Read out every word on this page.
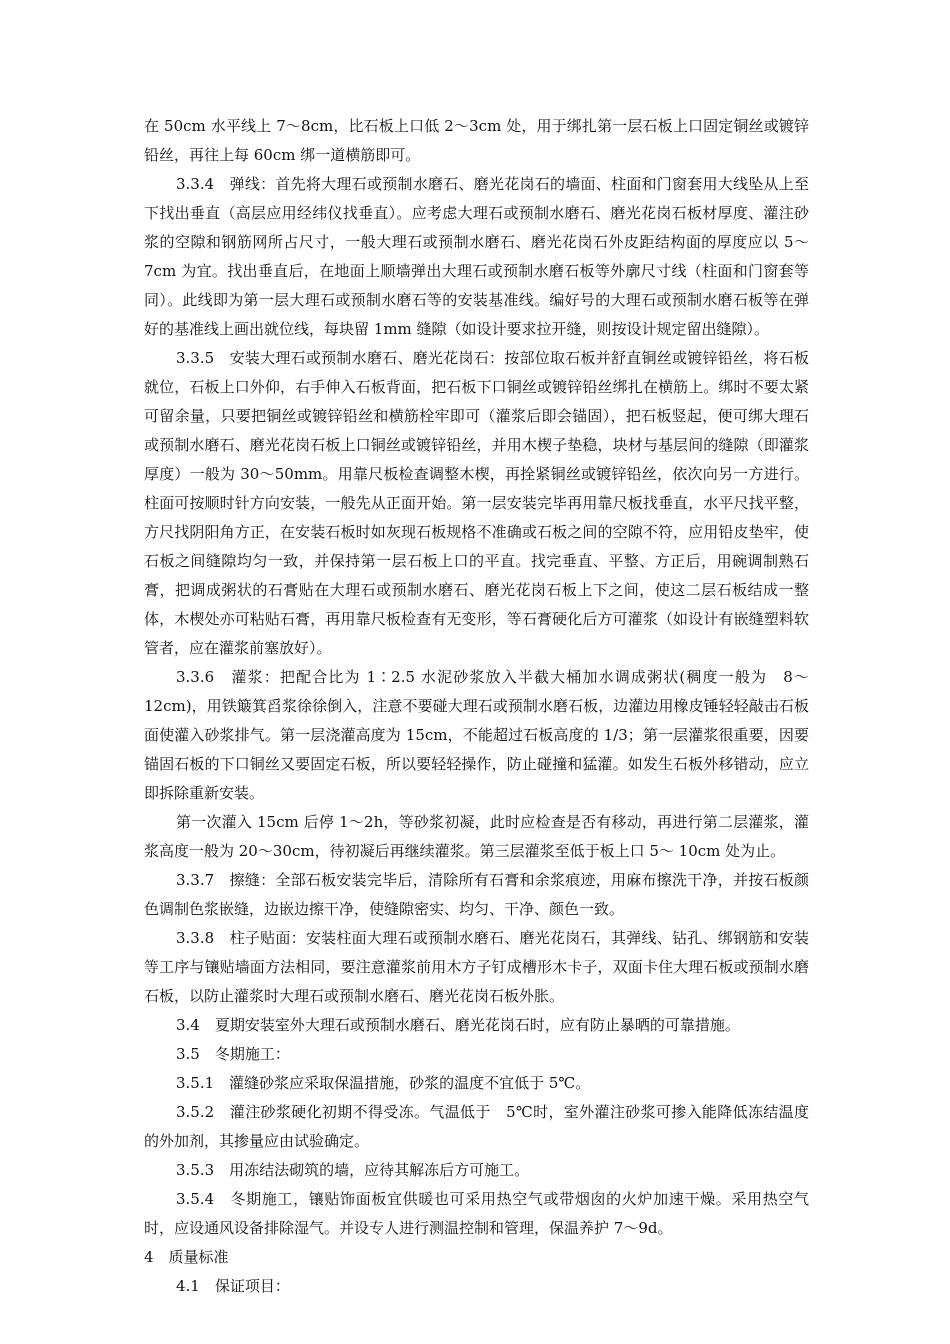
在 50cm 水平线上 7～8cm，比石板上口低 2～3cm 处，用于绑扎第一层石板上口固定铜丝或镀锌铅丝，再往上每 60cm 绑一道横筋即可。

3.3.4　弹线：首先将大理石或预制水磨石、磨光花岗石的墙面、柱面和门窗套用大线坠从上至下找出垂直（高层应用经纬仪找垂直）。应考虑大理石或预制水磨石、磨光花岗石板材厚度、灌注砂浆的空隙和钢筋网所占尺寸，一般大理石或预制水磨石、磨光花岗石外皮距结构面的厚度应以 5～7cm 为宜。找出垂直后，在地面上顺墙弹出大理石或预制水磨石板等外廓尺寸线（柱面和门窗套等同）。此线即为第一层大理石或预制水磨石等的安装基准线。编好号的大理石或预制水磨石板等在弹好的基准线上画出就位线，每块留 1mm 缝隙（如设计要求拉开缝，则按设计规定留出缝隙）。

3.3.5　安装大理石或预制水磨石、磨光花岗石：按部位取石板并舒直铜丝或镀锌铅丝，将石板就位，石板上口外仰，右手伸入石板背面，把石板下口铜丝或镀锌铅丝绑扎在横筋上。绑时不要太紧可留余量，只要把铜丝或镀锌铅丝和横筋栓牢即可（灌浆后即会锚固），把石板竖起，便可绑大理石或预制水磨石、磨光花岗石板上口铜丝或镀锌铅丝，并用木楔子垫稳，块材与基层间的缝隙（即灌浆厚度）一般为 30～50mm。用靠尺板检查调整木楔，再拴紧铜丝或镀锌铅丝，依次向另一方进行。柱面可按顺时针方向安装，一般先从正面开始。第一层安装完毕再用靠尺板找垂直，水平尺找平整，方尺找阴阳角方正，在安装石板时如灰现石板规格不准确或石板之间的空隙不符，应用铅皮垫牢，使石板之间缝隙均匀一致，并保持第一层石板上口的平直。找完垂直、平整、方正后，用碗调制熟石膏，把调成粥状的石膏贴在大理石或预制水磨石、磨光花岗石板上下之间，使这二层石板结成一整体，木楔处亦可粘贴石膏，再用靠尺板检查有无变形，等石膏硬化后方可灌浆（如设计有嵌缝塑料软管者，应在灌浆前塞放好）。

3.3.6　灌浆：把配合比为 1∶2.5 水泥砂浆放入半截大桶加水调成粥状(稠度一般为　8～12cm)，用铁簸箕舀浆徐徐倒入，注意不要碰大理石或预制水磨石板，边灌边用橡皮锤轻轻敲击石板面使灌入砂浆排气。第一层浇灌高度为 15cm，不能超过石板高度的 1/3；第一层灌浆很重要，因要锚固石板的下口铜丝又要固定石板，所以要轻轻操作，防止碰撞和猛灌。如发生石板外移错动，应立即拆除重新安装。

第一次灌入 15cm 后停 1～2h，等砂浆初凝，此时应检查是否有移动，再进行第二层灌浆，灌浆高度一般为 20～30cm，待初凝后再继续灌浆。第三层灌浆至低于板上口 5～ 10cm 处为止。

3.3.7　擦缝：全部石板安装完毕后，清除所有石膏和余浆痕迹，用麻布擦洗干净，并按石板颜色调制色浆嵌缝，边嵌边擦干净，使缝隙密实、均匀、干净、颜色一致。

3.3.8　柱子贴面：安装柱面大理石或预制水磨石、磨光花岗石，其弹线、钻孔、绑钢筋和安装等工序与镶贴墙面方法相同，要注意灌浆前用木方子钉成槽形木卡子，双面卡住大理石板或预制水磨石板，以防止灌浆时大理石或预制水磨石、磨光花岗石板外胀。

3.4　夏期安装室外大理石或预制水磨石、磨光花岗石时，应有防止暴晒的可靠措施。

3.5　冬期施工：

3.5.1　灌缝砂浆应采取保温措施，砂浆的温度不宜低于 5℃。

3.5.2　灌注砂浆硬化初期不得受冻。气温低于　5℃时，室外灌注砂浆可掺入能降低冻结温度的外加剂，其掺量应由试验确定。

3.5.3　用冻结法砌筑的墙，应待其解冻后方可施工。

3.5.4　冬期施工，镶贴饰面板宜供暖也可采用热空气或带烟囱的火炉加速干燥。采用热空气时，应设通风设备排除湿气。并设专人进行测温控制和管理，保温养护 7～9d。

4　质量标准

4.1　保证项目：
